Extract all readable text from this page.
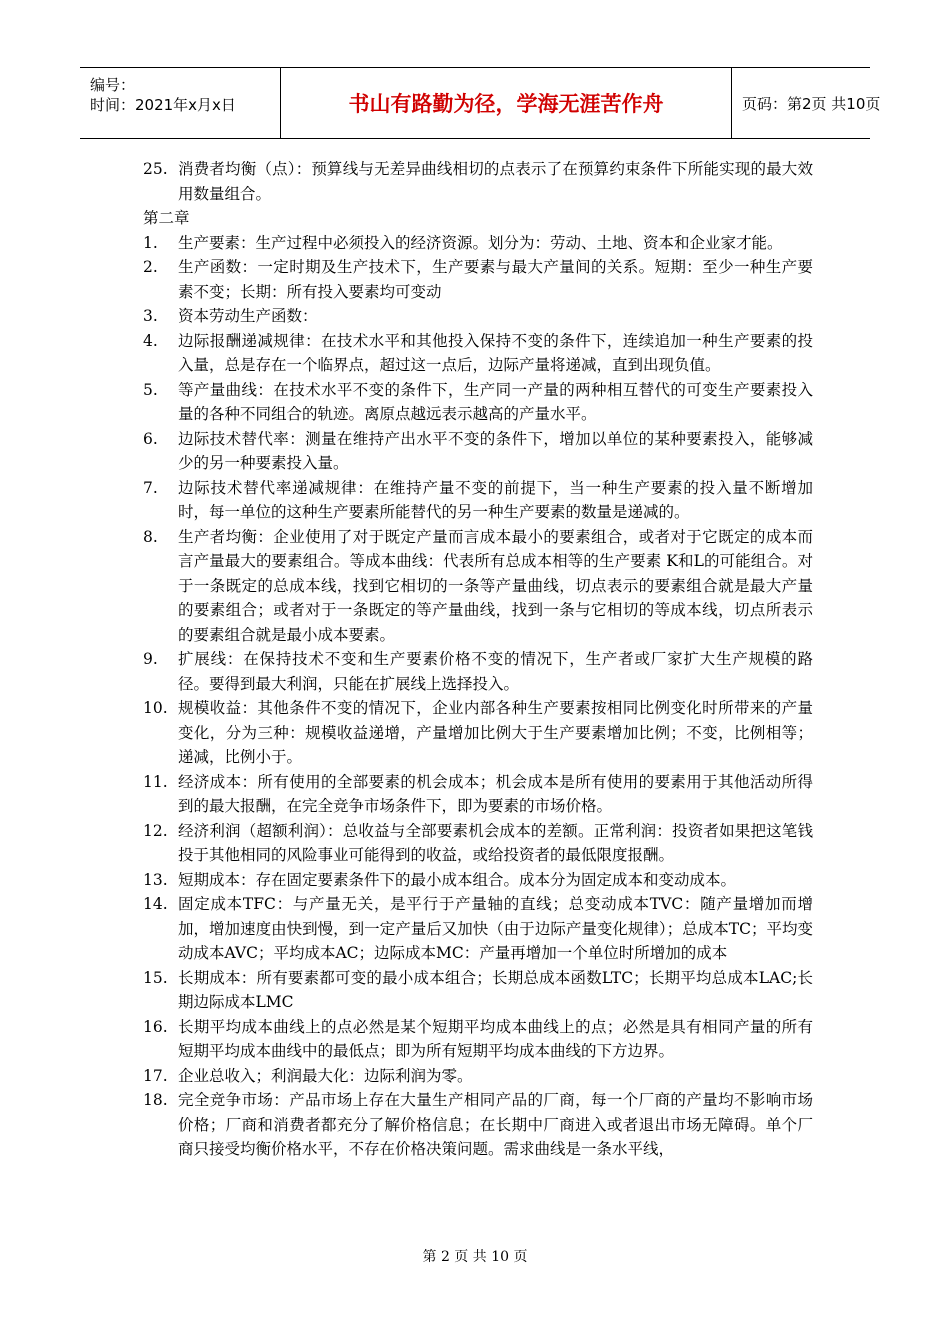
编号：
时间：2021年x月x日	书山有路勤为径，学海无涯苦作舟	页码：第2页 共10页
25. 消费者均衡（点）：预算线与无差异曲线相切的点表示了在预算约束条件下所能实现的最大效用数量组合。
第二章
1.	生产要素：生产过程中必须投入的经济资源。划分为：劳动、土地、资本和企业家才能。
2.	生产函数：一定时期及生产技术下，生产要素与最大产量间的关系。短期：至少一种生产要素不变；长期：所有投入要素均可变动
3.	资本劳动生产函数：
4.	边际报酬递减规律：在技术水平和其他投入保持不变的条件下，连续追加一种生产要素的投入量，总是存在一个临界点，超过这一点后，边际产量将递减，直到出现负值。
5.	等产量曲线：在技术水平不变的条件下，生产同一产量的两种相互替代的可变生产要素投入量的各种不同组合的轨迹。离原点越远表示越高的产量水平。
6.	边际技术替代率：测量在维持产出水平不变的条件下，增加以单位的某种要素投入，能够减少的另一种要素投入量。
7.	边际技术替代率递减规律：在维持产量不变的前提下，当一种生产要素的投入量不断增加时，每一单位的这种生产要素所能替代的另一种生产要素的数量是递减的。
8.	生产者均衡：企业使用了对于既定产量而言成本最小的要素组合，或者对于它既定的成本而言产量最大的要素组合。等成本曲线：代表所有总成本相等的生产要素 K和L的可能组合。对于一条既定的总成本线，找到它相切的一条等产量曲线，切点表示的要素组合就是最大产量的要素组合；或者对于一条既定的等产量曲线，找到一条与它相切的等成本线，切点所表示的要素组合就是最小成本要素。
9.	扩展线：在保持技术不变和生产要素价格不变的情况下，生产者或厂家扩大生产规模的路径。要得到最大利润，只能在扩展线上选择投入。
10. 规模收益：其他条件不变的情况下，企业内部各种生产要素按相同比例变化时所带来的产量变化，分为三种：规模收益递增，产量增加比例大于生产要素增加比例；不变，比例相等；递减，比例小于。
11. 经济成本：所有使用的全部要素的机会成本；机会成本是所有使用的要素用于其他活动所得到的最大报酬，在完全竞争市场条件下，即为要素的市场价格。
12. 经济利润（超额利润）：总收益与全部要素机会成本的差额。正常利润：投资者如果把这笔钱投于其他相同的风险事业可能得到的收益，或给投资者的最低限度报酬。
13. 短期成本：存在固定要素条件下的最小成本组合。成本分为固定成本和变动成本。
14. 固定成本TFC：与产量无关，是平行于产量轴的直线；总变动成本TVC：随产量增加而增加，增加速度由快到慢，到一定产量后又加快（由于边际产量变化规律）；总成本TC；平均变动成本AVC；平均成本AC；边际成本MC：产量再增加一个单位时所增加的成本
15. 长期成本：所有要素都可变的最小成本组合；长期总成本函数LTC；长期平均总成本LAC;长期边际成本LMC
16. 长期平均成本曲线上的点必然是某个短期平均成本曲线上的点；必然是具有相同产量的所有短期平均成本曲线中的最低点；即为所有短期平均成本曲线的下方边界。
17. 企业总收入；利润最大化：边际利润为零。
18. 完全竞争市场：产品市场上存在大量生产相同产品的厂商，每一个厂商的产量均不影响市场价格；厂商和消费者都充分了解价格信息；在长期中厂商进入或者退出市场无障碍。单个厂商只接受均衡价格水平，不存在价格决策问题。需求曲线是一条水平线，
第 2 页 共 10 页
